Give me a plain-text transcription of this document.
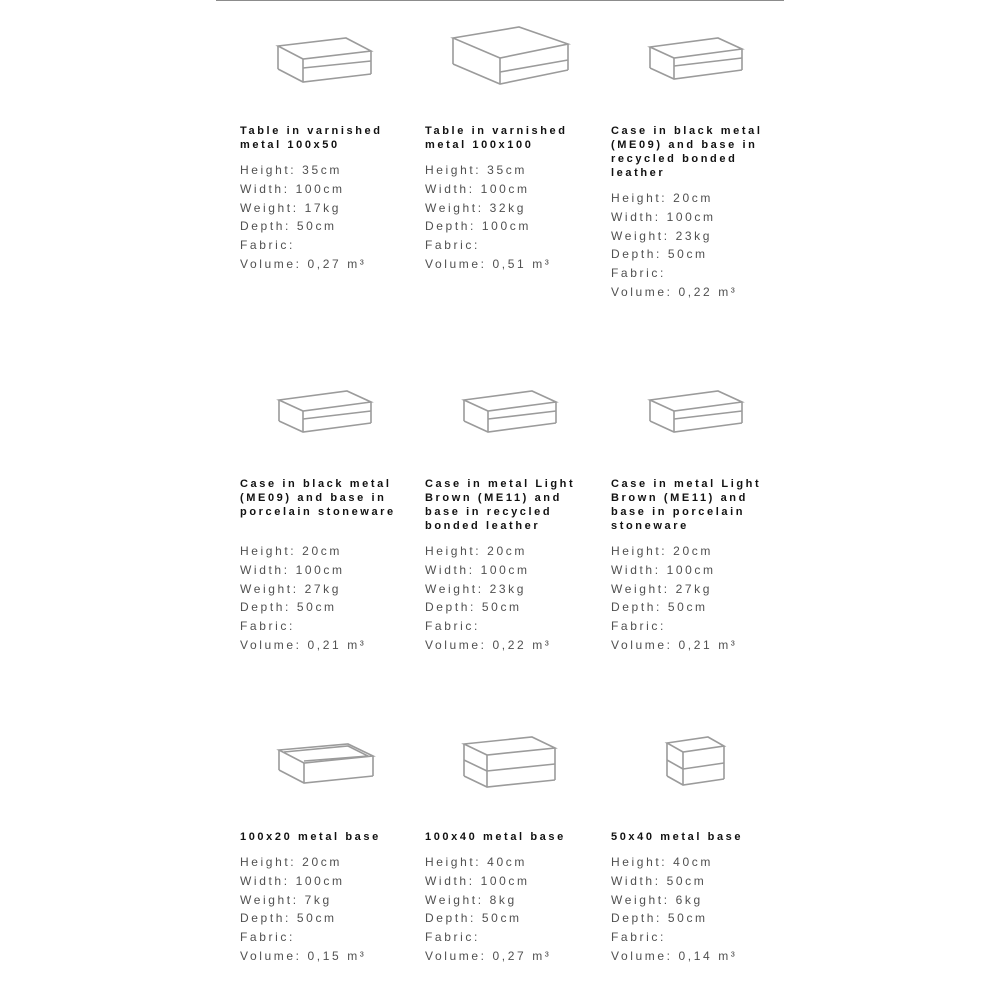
Table in varnished metal 100x50

Height : 35cm
Width : 100cm
Weight : 17kg
Depth : 50cm
Fabric :
Volume : 0,27 m³

Table in varnished metal 100x100

Height : 35cm
Width : 100cm
Weight : 32kg
Depth : 100cm
Fabric :
Volume : 0,51 m³

Case in black metal (ME09) and base in recycled bonded leather

Height : 20cm
Width : 100cm
Weight : 23kg
Depth : 50cm
Fabric :
Volume : 0,22 m³

Case in black metal (ME09) and base in porcelain stoneware

Height : 20cm
Width : 100cm
Weight : 27kg
Depth : 50cm
Fabric :
Volume : 0,21 m³

Case in metal Light Brown (ME11) and base in recycled bonded leather

Height : 20cm
Width : 100cm
Weight : 23kg
Depth : 50cm
Fabric :
Volume : 0,22 m³

Case in metal Light Brown (ME11) and base in porcelain stoneware

Height : 20cm
Width : 100cm
Weight : 27kg
Depth : 50cm
Fabric :
Volume : 0,21 m³

100x20 metal base

Height : 20cm
Width : 100cm
Weight : 7kg
Depth : 50cm
Fabric :
Volume : 0,15 m³

100x40 metal base

Height : 40cm
Width : 100cm
Weight : 8kg
Depth : 50cm
Fabric :
Volume : 0,27 m³

50x40 metal base

Height : 40cm
Width : 50cm
Weight : 6kg
Depth : 50cm
Fabric :
Volume : 0,14 m³
